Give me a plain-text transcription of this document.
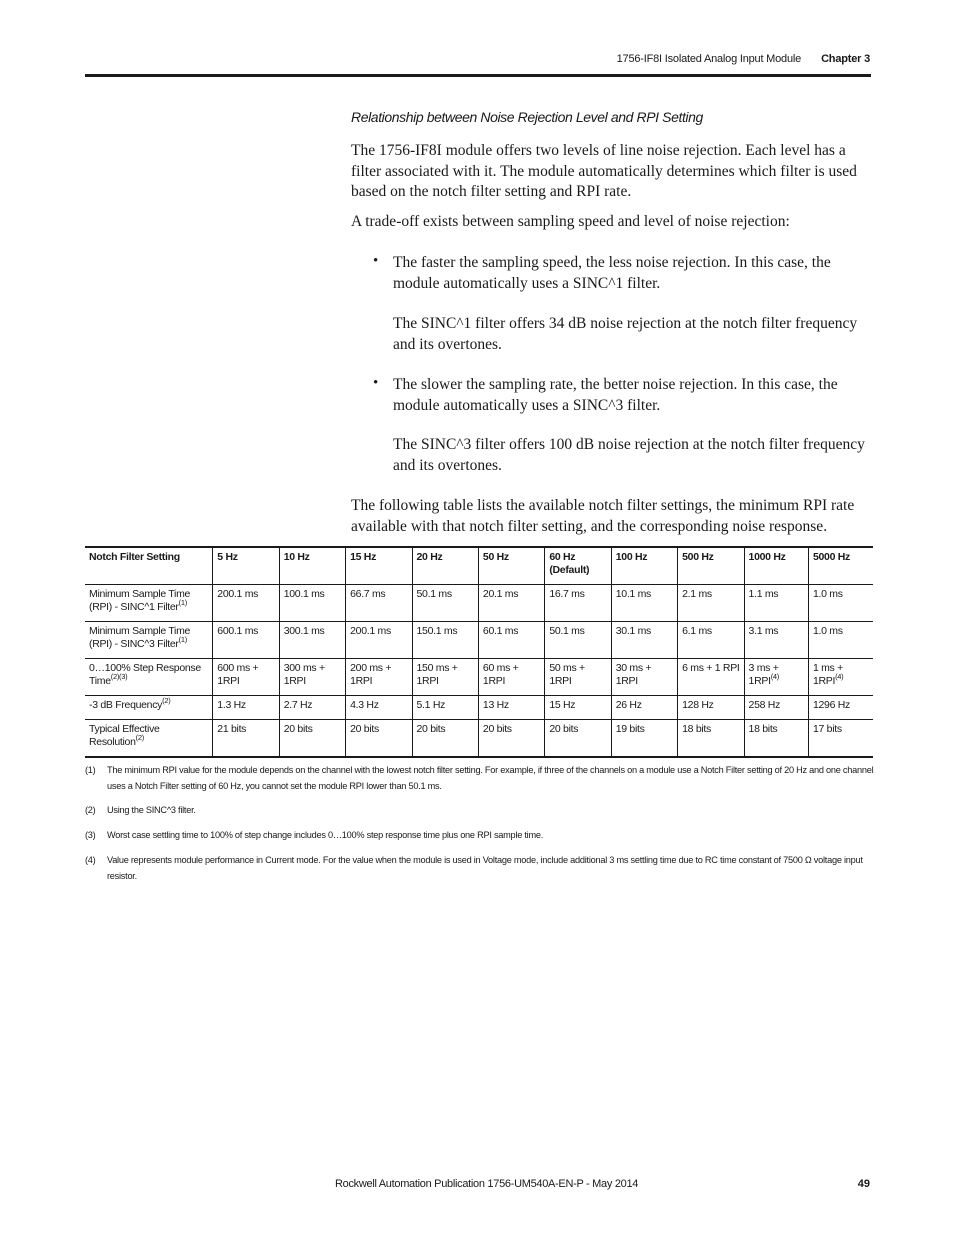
1756-IF8I Isolated Analog Input Module Chapter 3
Relationship between Noise Rejection Level and RPI Setting
The 1756-IF8I module offers two levels of line noise rejection. Each level has a filter associated with it. The module automatically determines which filter is used based on the notch filter setting and RPI rate.
A trade-off exists between sampling speed and level of noise rejection:
• The faster the sampling speed, the less noise rejection. In this case, the module automatically uses a SINC^1 filter.
The SINC^1 filter offers 34 dB noise rejection at the notch filter frequency and its overtones.
• The slower the sampling rate, the better noise rejection. In this case, the module automatically uses a SINC^3 filter.
The SINC^3 filter offers 100 dB noise rejection at the notch filter frequency and its overtones.
The following table lists the available notch filter settings, the minimum RPI rate available with that notch filter setting, and the corresponding noise response.
Notch Filter Setting	5 Hz	10 Hz	15 Hz	20 Hz	50 Hz	60 Hz (Default)	100 Hz	500 Hz	1000 Hz	5000 Hz
Minimum Sample Time (RPI) - SINC^1 Filter$^{(1)}$	200.1 ms	100.1 ms	66.7 ms	50.1 ms	20.1 ms	16.7 ms	10.1 ms	2.1 ms	1.1 ms	1.0 ms
Minimum Sample Time (RPI) - SINC^3 Filter$^{(1)}$	600.1 ms	300.1 ms	200.1 ms	150.1 ms	60.1 ms	50.1 ms	30.1 ms	6.1 ms	3.1 ms	1.0 ms
0…100% Step Response Time$^{(2)(3)}$	600 ms + 1RPI	300 ms + 1RPI	200 ms + 1RPI	150 ms + 1RPI	60 ms + 1RPI	50 ms + 1RPI	30 ms + 1RPI	6 ms + 1 RPI	3 ms + $1RPI^{(4)}$	1 ms + $1RPI^{(4)}$
-3 dB Frequency$^{(2)}$	1.3 Hz	2.7 Hz	4.3 Hz	5.1 Hz	13 Hz	15 Hz	26 Hz	128 Hz	258 Hz	1296 Hz
Typical Effective Resolution$^{(2)}$	21 bits	20 bits	20 bits	20 bits	20 bits	20 bits	19 bits	18 bits	18 bits	17 bits
(1) The minimum RPI value for the module depends on the channel with the lowest notch filter setting. For example, if three of the channels on a module use a Notch Filter setting of 20 Hz and one channel uses a Notch Filter setting of 60 Hz, you cannot set the module RPI lower than 50.1 ms.
(2) Using the SINC^3 filter.
(3) Worst case settling time to 100% of step change includes 0…100% step response time plus one RPI sample time.
(4) Value represents module performance in Current mode. For the value when the module is used in Voltage mode, include additional 3 ms settling time due to RC time constant of 7500 Ω voltage input resistor.
Rockwell Automation Publication 1756-UM540A-EN-P - May 2014	49
